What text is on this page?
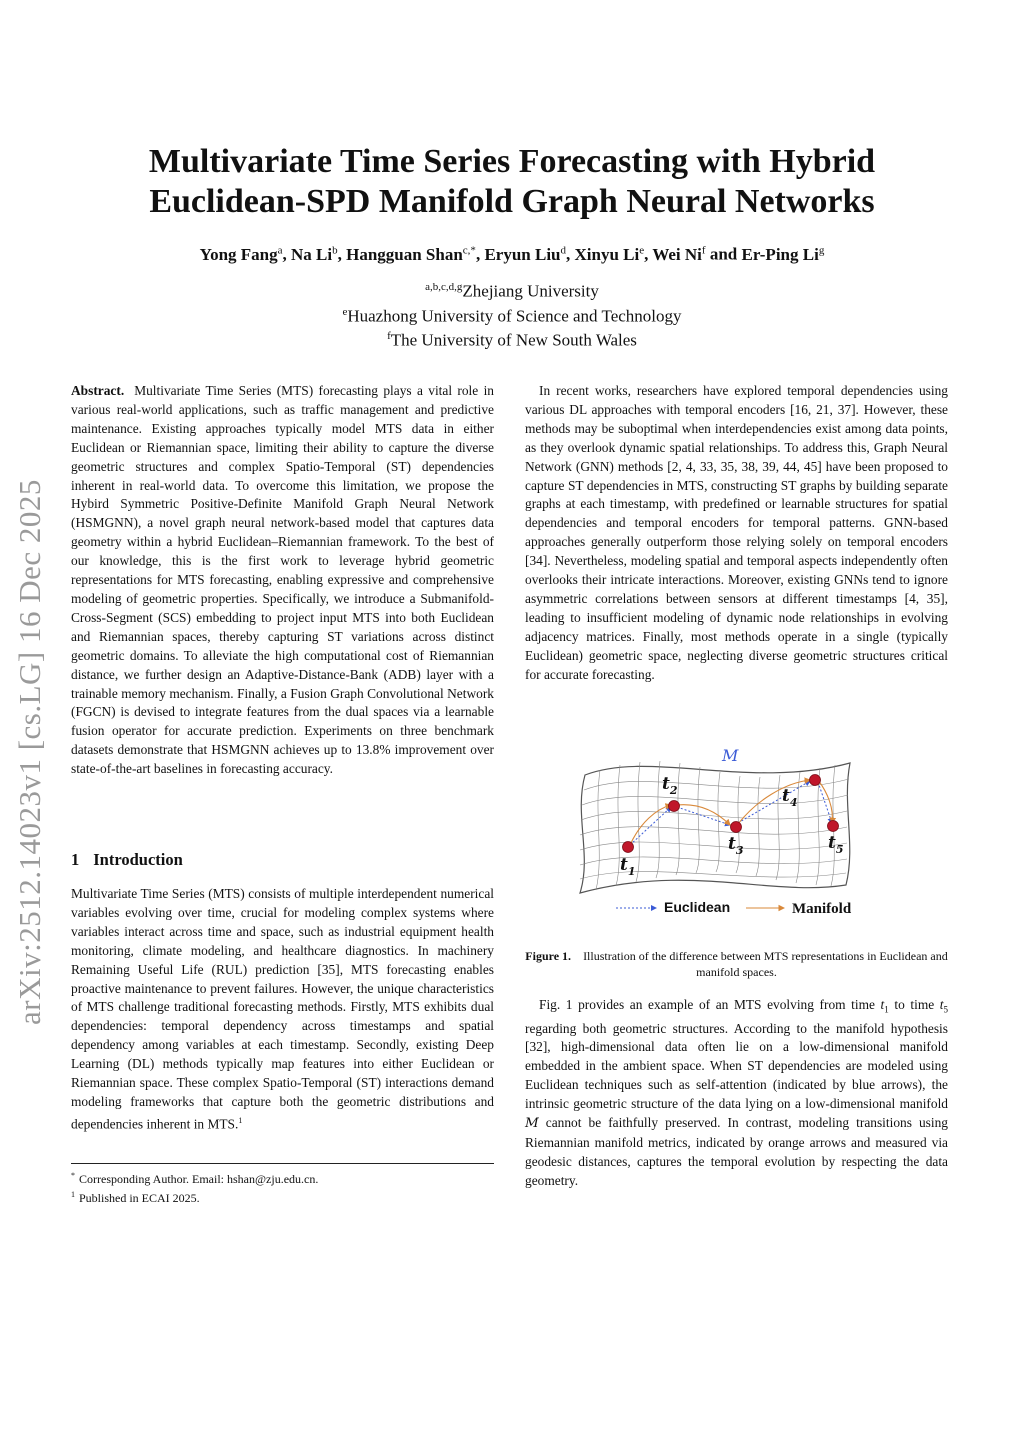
arXiv:2512.14023v1 [cs.LG] 16 Dec 2025
Multivariate Time Series Forecasting with Hybrid
Euclidean-SPD Manifold Graph Neural Networks
Yong Fang$^a$, Na Li$^b$, Hangguan Shan$^{c,*}$, Eryun Liu$^d$, Xinyu Li$^e$, Wei Ni$^f$ and Er-Ping Li$^g$
$^{a,b,c,d,g}$Zhejiang University
$^e$Huazhong University of Science and Technology
$^f$The University of New South Wales

Abstract. Multivariate Time Series (MTS) forecasting plays a vital role in various real-world applications, such as traffic management and predictive maintenance. Existing approaches typically model MTS data in either Euclidean or Riemannian space, limiting their ability to capture the diverse geometric structures and complex Spatio-Temporal (ST) dependencies inherent in real-world data. To overcome this limitation, we propose the Hybird Symmetric Positive-Definite Manifold Graph Neural Network (HSMGNN), a novel graph neural network-based model that captures data geometry within a hybrid Euclidean–Riemannian framework. To the best of our knowledge, this is the first work to leverage hybrid geometric representations for MTS forecasting, enabling expressive and comprehensive modeling of geometric properties. Specifically, we introduce a Submanifold-Cross-Segment (SCS) embedding to project input MTS into both Euclidean and Riemannian spaces, thereby capturing ST variations across distinct geometric domains. To alleviate the high computational cost of Riemannian distance, we further design an Adaptive-Distance-Bank (ADB) layer with a trainable memory mechanism. Finally, a Fusion Graph Convolutional Network (FGCN) is devised to integrate features from the dual spaces via a learnable fusion operator for accurate prediction. Experiments on three benchmark datasets demonstrate that HSMGNN achieves up to 13.8% improvement over state-of-the-art baselines in forecasting accuracy.

1 Introduction

Multivariate Time Series (MTS) consists of multiple interdependent numerical variables evolving over time, crucial for modeling complex systems where variables interact across time and space, such as industrial equipment health monitoring, climate modeling, and healthcare diagnostics. In machinery Remaining Useful Life (RUL) prediction [35], MTS forecasting enables proactive maintenance to prevent failures. However, the unique characteristics of MTS challenge traditional forecasting methods. Firstly, MTS exhibits dual dependencies: temporal dependency across timestamps and spatial dependency among variables at each timestamp. Secondly, existing Deep Learning (DL) methods typically map features into either Euclidean or Riemannian space. These complex Spatio-Temporal (ST) interactions demand modeling frameworks that capture both the geometric distributions and dependencies inherent in MTS.$^1$

* Corresponding Author. Email: hshan@zju.edu.cn.
$^1$ Published in ECAI 2025.

In recent works, researchers have explored temporal dependencies using various DL approaches with temporal encoders [16, 21, 37]. However, these methods may be suboptimal when interdependencies exist among data points, as they overlook dynamic spatial relationships. To address this, Graph Neural Network (GNN) methods [2, 4, 33, 35, 38, 39, 44, 45] have been proposed to capture ST dependencies in MTS, constructing ST graphs by building separate graphs at each timestamp, with predefined or learnable structures for spatial dependencies and temporal encoders for temporal patterns. GNN-based approaches generally outperform those relying solely on temporal encoders [34]. Nevertheless, modeling spatial and temporal aspects independently often overlooks their intricate interactions. Moreover, existing GNNs tend to ignore asymmetric correlations between sensors at different timestamps [4, 35], leading to insufficient modeling of dynamic node relationships in evolving adjacency matrices. Finally, most methods operate in a single (typically Euclidean) geometric space, neglecting diverse geometric structures critical for accurate forecasting.

$t_1$
$t_2$
$t_3$
$t_4$
$t_5$
M
Euclidean	Manifold
Figure 1. Illustration of the difference between MTS representations in Euclidean and manifold spaces.

Fig. 1 provides an example of an MTS evolving from time $t_1$ to time $t_5$ regarding both geometric structures. According to the manifold hypothesis [32], high-dimensional data often lie on a low-dimensional manifold embedded in the ambient space. When ST dependencies are modeled using Euclidean techniques such as self-attention (indicated by blue arrows), the intrinsic geometric structure of the data lying on a low-dimensional manifold M cannot be faithfully preserved. In contrast, modeling transitions using Riemannian manifold metrics, indicated by orange arrows and measured via geodesic distances, captures the temporal evolution by respecting the data geometry.
